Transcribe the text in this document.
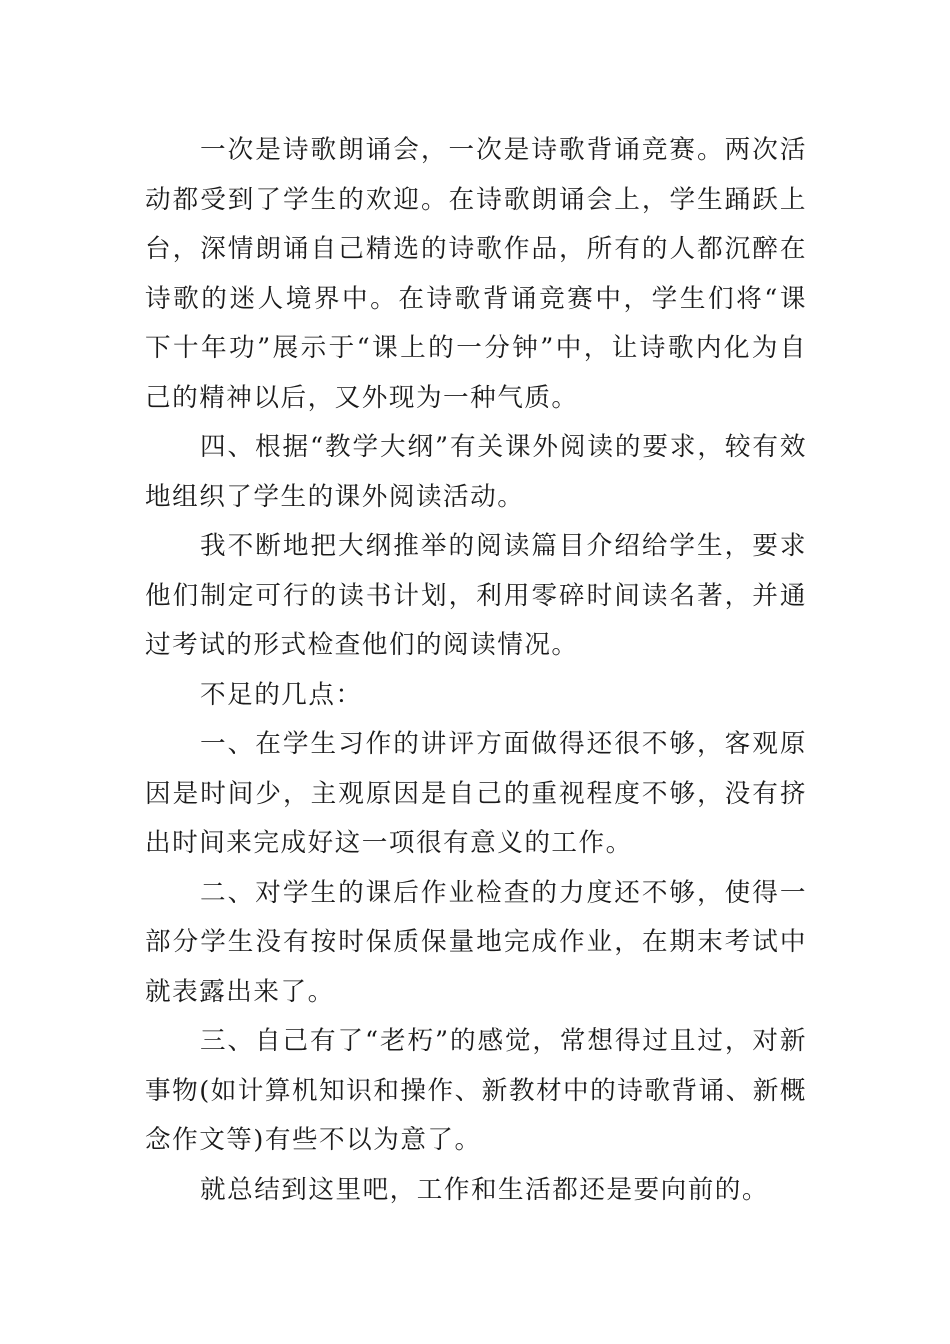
一次是诗歌朗诵会，一次是诗歌背诵竞赛。两次活动都受到了学生的欢迎。在诗歌朗诵会上，学生踊跃上台，深情朗诵自己精选的诗歌作品，所有的人都沉醉在诗歌的迷人境界中。在诗歌背诵竞赛中，学生们将“课下十年功”展示于“课上的一分钟”中，让诗歌内化为自己的精神以后，又外现为一种气质。

四、根据“教学大纲”有关课外阅读的要求，较有效地组织了学生的课外阅读活动。

我不断地把大纲推举的阅读篇目介绍给学生，要求他们制定可行的读书计划，利用零碎时间读名著，并通过考试的形式检查他们的阅读情况。

不足的几点：

一、在学生习作的讲评方面做得还很不够，客观原因是时间少，主观原因是自己的重视程度不够，没有挤出时间来完成好这一项很有意义的工作。

二、对学生的课后作业检查的力度还不够，使得一部分学生没有按时保质保量地完成作业，在期末考试中就表露出来了。

三、自己有了“老朽”的感觉，常想得过且过，对新事物(如计算机知识和操作、新教材中的诗歌背诵、新概念作文等)有些不以为意了。

就总结到这里吧，工作和生活都还是要向前的。
